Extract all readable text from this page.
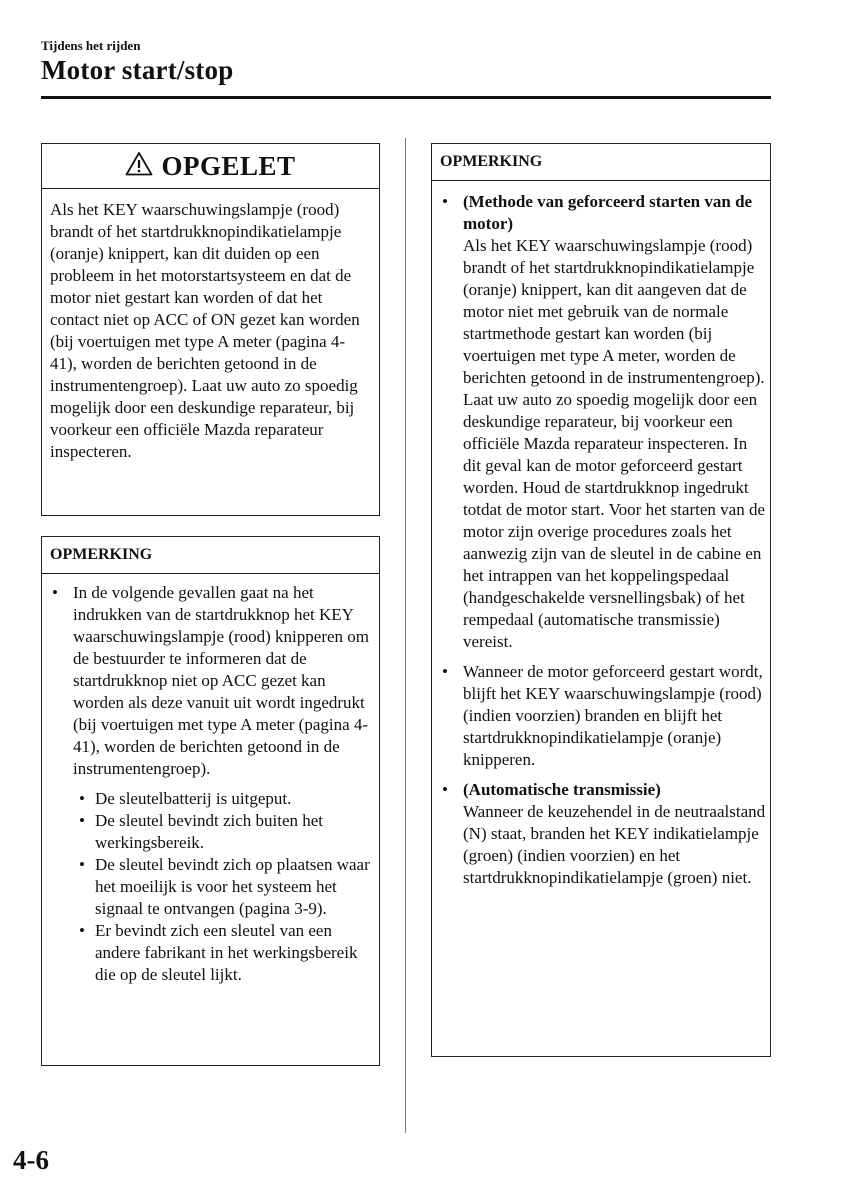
Tijdens het rijden
Motor start/stop
OPGELET
Als het KEY waarschuwingslampje (rood) brandt of het startdrukknopindikatielampje (oranje) knippert, kan dit duiden op een probleem in het motorstartsysteem en dat de motor niet gestart kan worden of dat het contact niet op ACC of ON gezet kan worden (bij voertuigen met type A meter (pagina 4-41), worden de berichten getoond in de instrumentengroep). Laat uw auto zo spoedig mogelijk door een deskundige reparateur, bij voorkeur een officiële Mazda reparateur inspecteren.
OPMERKING
• In de volgende gevallen gaat na het indrukken van de startdrukknop het KEY waarschuwingslampje (rood) knipperen om de bestuurder te informeren dat de startdrukknop niet op ACC gezet kan worden als deze vanuit uit wordt ingedrukt (bij voertuigen met type A meter (pagina 4-41), worden de berichten getoond in de instrumentengroep).
• De sleutelbatterij is uitgeput.
• De sleutel bevindt zich buiten het werkingsbereik.
• De sleutel bevindt zich op plaatsen waar het moeilijk is voor het systeem het signaal te ontvangen (pagina 3-9).
• Er bevindt zich een sleutel van een andere fabrikant in het werkingsbereik die op de sleutel lijkt.
OPMERKING
• (Methode van geforceerd starten van de motor)
Als het KEY waarschuwingslampje (rood) brandt of het startdrukknopindikatielampje (oranje) knippert, kan dit aangeven dat de motor niet met gebruik van de normale startmethode gestart kan worden (bij voertuigen met type A meter, worden de berichten getoond in de instrumentengroep). Laat uw auto zo spoedig mogelijk door een deskundige reparateur, bij voorkeur een officiële Mazda reparateur inspecteren. In dit geval kan de motor geforceerd gestart worden. Houd de startdrukknop ingedrukt totdat de motor start. Voor het starten van de motor zijn overige procedures zoals het aanwezig zijn van de sleutel in de cabine en het intrappen van het koppelingspedaal (handgeschakelde versnellingsbak) of het rempedaal (automatische transmissie) vereist.
• Wanneer de motor geforceerd gestart wordt, blijft het KEY waarschuwingslampje (rood) (indien voorzien) branden en blijft het startdrukknopindikatielampje (oranje) knipperen.
• (Automatische transmissie)
Wanneer de keuzehendel in de neutraalstand (N) staat, branden het KEY indikatielampje (groen) (indien voorzien) en het startdrukknopindikatielampje (groen) niet.
4-6
